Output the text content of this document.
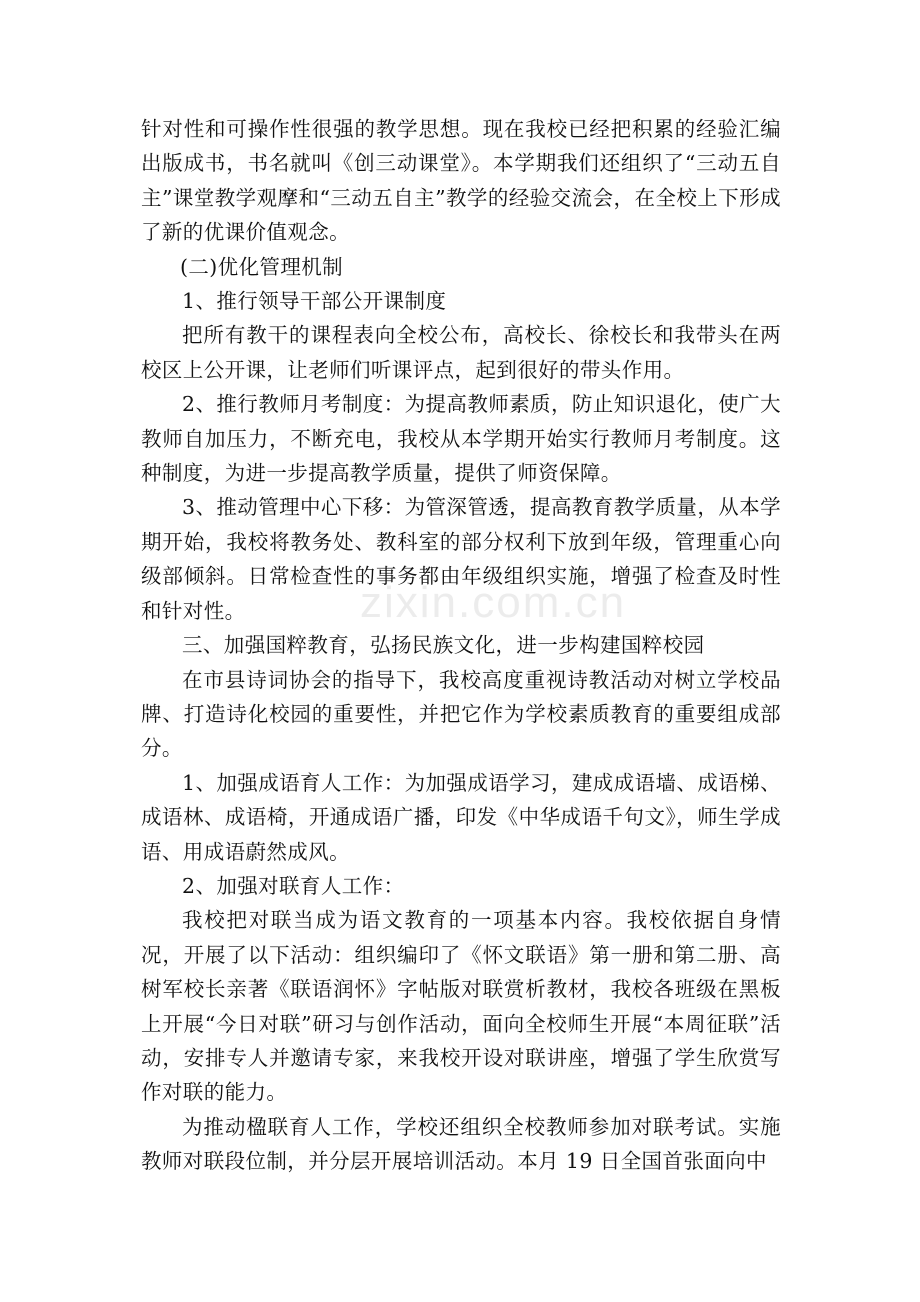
zixin.com.cn

针对性和可操作性很强的教学思想。现在我校已经把积累的经验汇编出版成书，书名就叫《创三动课堂》。本学期我们还组织了“三动五自主”课堂教学观摩和“三动五自主”教学的经验交流会，在全校上下形成了新的优课价值观念。

(二)优化管理机制

1、推行领导干部公开课制度

把所有教干的课程表向全校公布，高校长、徐校长和我带头在两校区上公开课，让老师们听课评点，起到很好的带头作用。

2、推行教师月考制度：为提高教师素质，防止知识退化，使广大教师自加压力，不断充电，我校从本学期开始实行教师月考制度。这种制度，为进一步提高教学质量，提供了师资保障。

3、推动管理中心下移：为管深管透，提高教育教学质量，从本学期开始，我校将教务处、教科室的部分权利下放到年级，管理重心向级部倾斜。日常检查性的事务都由年级组织实施，增强了检查及时性和针对性。

三、加强国粹教育，弘扬民族文化，进一步构建国粹校园

在市县诗词协会的指导下，我校高度重视诗教活动对树立学校品牌、打造诗化校园的重要性，并把它作为学校素质教育的重要组成部分。

1、加强成语育人工作：为加强成语学习，建成成语墙、成语梯、成语林、成语椅，开通成语广播，印发《中华成语千句文》，师生学成语、用成语蔚然成风。

2、加强对联育人工作：

我校把对联当成为语文教育的一项基本内容。我校依据自身情况，开展了以下活动：组织编印了《怀文联语》第一册和第二册、高树军校长亲著《联语润怀》字帖版对联赏析教材，我校各班级在黑板上开展“今日对联”研习与创作活动，面向全校师生开展“本周征联”活动，安排专人并邀请专家，来我校开设对联讲座，增强了学生欣赏写作对联的能力。

为推动楹联育人工作，学校还组织全校教师参加对联考试。实施教师对联段位制，并分层开展培训活动。本月 19 日全国首张面向中
